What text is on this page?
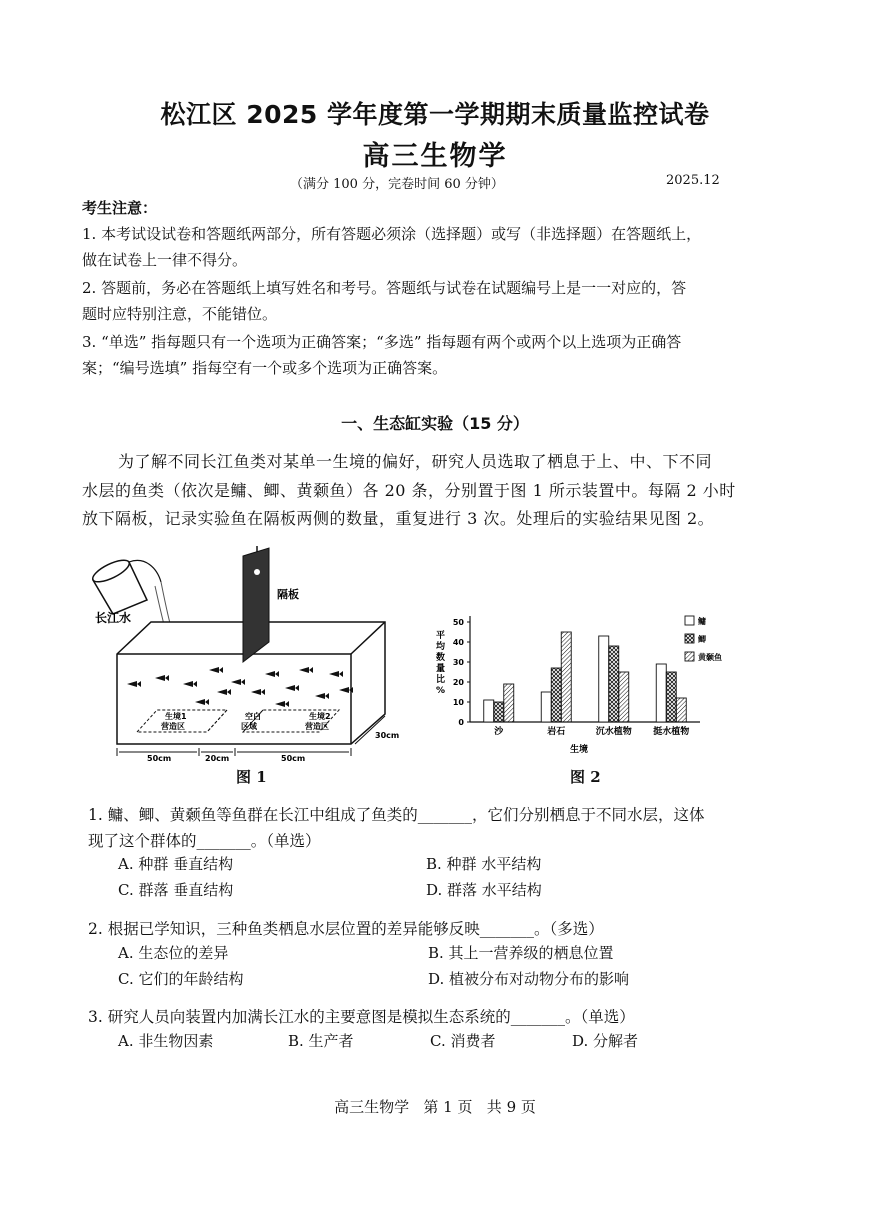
松江区 2025 学年度第一学期期末质量监控试卷
高三生物学
（满分 100 分，完卷时间 60 分钟）	2025.12
考生注意：
1. 本考试设试卷和答题纸两部分，所有答题必须涂（选择题）或写（非选择题）在答题纸上，
做在试卷上一律不得分。
2. 答题前，务必在答题纸上填写姓名和考号。答题纸与试卷在试题编号上是一一对应的，答
题时应特别注意，不能错位。
3. “单选” 指每题只有一个选项为正确答案；“多选” 指每题有两个或两个以上选项为正确答
案；“编号选填” 指每空有一个或多个选项为正确答案。
一、生态缸实验（15 分）
为了解不同长江鱼类对某单一生境的偏好，研究人员选取了栖息于上、中、下不同
水层的鱼类（依次是鳙、鲫、黄颡鱼）各 20 条，分别置于图 1 所示装置中。每隔 2 小时
放下隔板，记录实验鱼在隔板两侧的数量，重复进行 3 次。处理后的实验结果见图 2。
长江水
隔板
生境1
营造区
空白
区域
生境2
营造区
50cm	20cm	50cm
30cm
图 1
平均数量比%
0
10
20
30
40
50
沙	岩石	沉水植物 挺水植物
鳙
鲫
黄颡鱼
生境
图 2
1. 鳙、鲫、黄颡鱼等鱼群在长江中组成了鱼类的_______，它们分别栖息于不同水层，这体
现了这个群体的_______。（单选）
A. 种群 垂直结构	B. 种群 水平结构
C. 群落 垂直结构	D. 群落 水平结构
2. 根据已学知识，三种鱼类栖息水层位置的差异能够反映_______。（多选）
A. 生态位的差异	B. 其上一营养级的栖息位置
C. 它们的年龄结构	D. 植被分布对动物分布的影响
3. 研究人员向装置内加满长江水的主要意图是模拟生态系统的_______。（单选）
A. 非生物因素	B. 生产者	C. 消费者	D. 分解者
高三生物学   第 1 页   共 9 页
